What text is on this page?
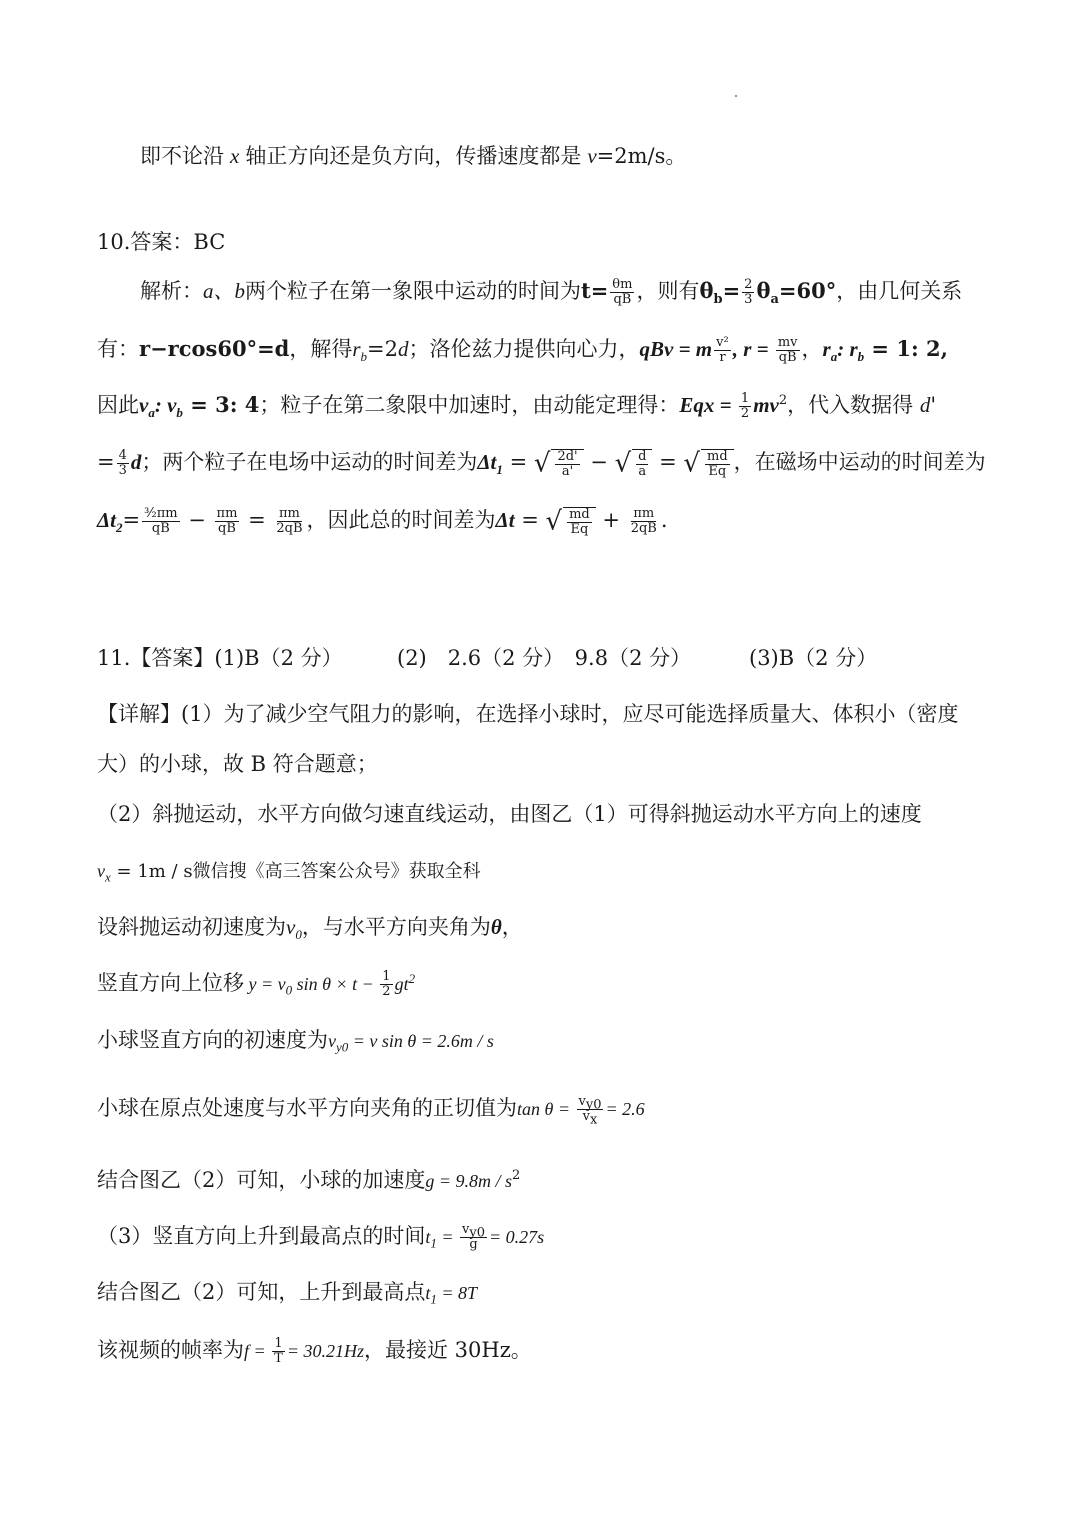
即不论沿 x 轴正方向还是负方向，传播速度都是 v=2m/s。
10.答案：BC
解析：a、b两个粒子在第一象限中运动的时间为$t= \frac{\theta m}{qB}$ ，则有$\theta_b= \frac{2}{3} \theta_a=60^\circ$，由几何关系
有：r−rcos60°=d，解得$r_b=2d$；洛伦兹力提供向心力，qBv = m $\frac{\text{v²}}{r}$ , $r = \frac{mv}{qB}$ ，$r_a$: $r_b = 1$: 2,
因此$v_a$: $v_b = 3$: 4；粒子在第二象限中加速时，由动能定理得：Eqx = $\frac{1}{2} mv^2$，代入数据得 d'
= $\frac{4}{3}$ d；两个粒子在电场中运动的时间差为$\Delta t_1$ = √ $\frac{2d'}{a'}$ − √ $\frac{d}{a}$ = √ $\frac{md}{Eq}$ ，在磁场中运动的时间差为
$\Delta t_2= \frac{\text{³⁄₂πm}}{qB} - \frac{\pi m}{qB} = \frac{\pi m}{2qB}$ ，因此总的时间差为Δt = √ $\frac{md}{Eq} + \frac{\pi m}{2qB}$ .
11.【答案】(1)B（2 分）	(2)　2.6（2 分）　9.8（2 分）	(3)B（2 分）
【详解】(1）为了减少空气阻力的影响，在选择小球时，应尽可能选择质量大、体积小（密度
大）的小球，故 B 符合题意；
（2）斜抛运动，水平方向做匀速直线运动，由图乙（1）可得斜抛运动水平方向上的速度
$v_x = 1m / s$微信搜《高三答案公众号》获取全科
设斜抛运动初速度为$v_0$，与水平方向夹角为θ，
竖直方向上位移 $y = v_0$ $\sin \theta \times t - \frac{1}{2} gt^2$
小球竖直方向的初速度为$v_{y0} = v$ sin θ = 2.6m / s
小球在原点处速度与水平方向夹角的正切值为$\tan \theta = \frac{v_{y0}}{v_x} = 2.6$
结合图乙（2）可知，小球的加速度$g = 9.8m / s^2$
（3）竖直方向上升到最高点的时间$t_1 = \frac{v_{y0}}{g} = 0.27s$
结合图乙（2）可知，上升到最高点$t_1 = 8T$
该视频的帧率为$f = \frac{1}{T} = 30.21Hz$，最接近 30Hz。
